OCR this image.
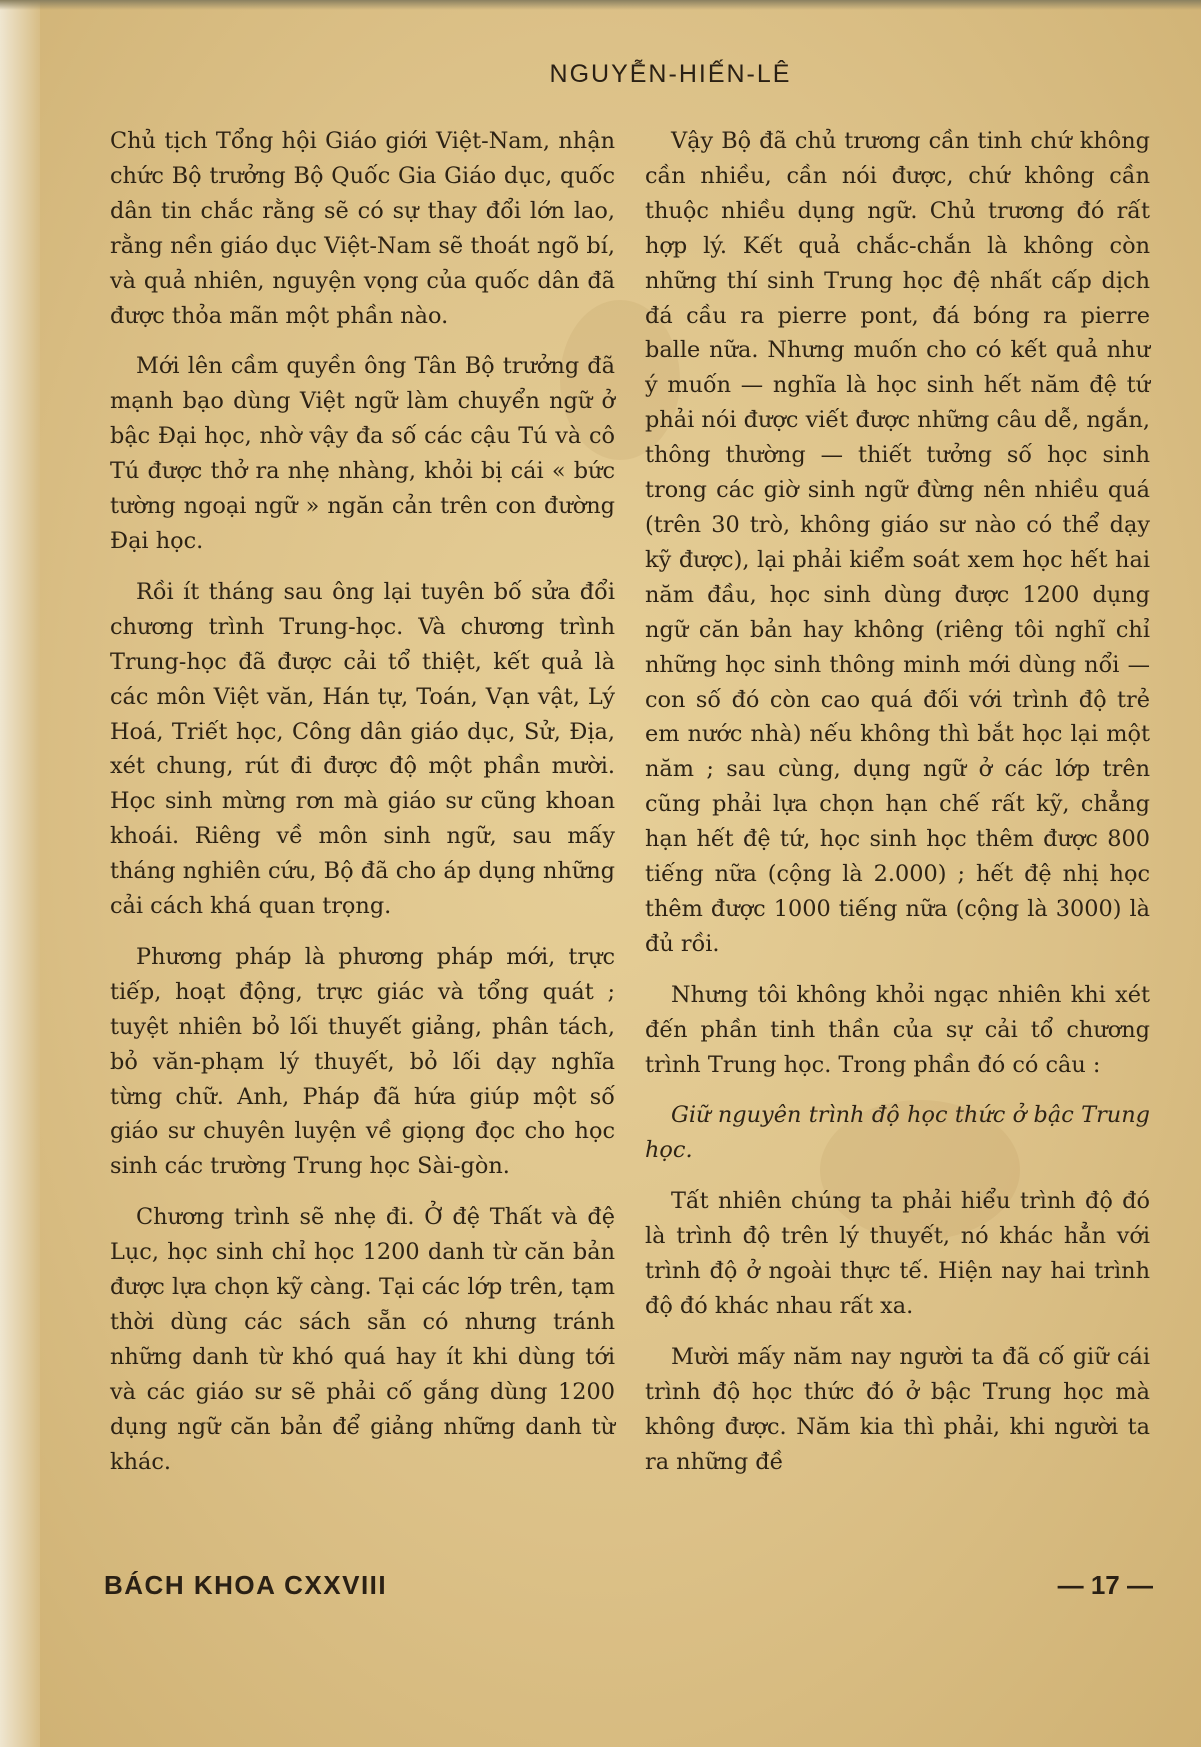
NGUYỄN-HIẾN-LÊ

Chủ tịch Tổng hội Giáo giới Việt-Nam, nhận chức Bộ trưởng Bộ Quốc Gia Giáo dục, quốc dân tin chắc rằng sẽ có sự thay đổi lớn lao, rằng nền giáo dục Việt-Nam sẽ thoát ngõ bí, và quả nhiên, nguyện vọng của quốc dân đã được thỏa mãn một phần nào.

Mới lên cầm quyền ông Tân Bộ trưởng đã mạnh bạo dùng Việt ngữ làm chuyển ngữ ở bậc Đại học, nhờ vậy đa số các cậu Tú và cô Tú được thở ra nhẹ nhàng, khỏi bị cái « bức tường ngoại ngữ » ngăn cản trên con đường Đại học.

Rồi ít tháng sau ông lại tuyên bố sửa đổi chương trình Trung-học. Và chương trình Trung-học đã được cải tổ thiệt, kết quả là các môn Việt văn, Hán tự, Toán, Vạn vật, Lý Hoá, Triết học, Công dân giáo dục, Sử, Địa, xét chung, rút đi được độ một phần mười. Học sinh mừng rơn mà giáo sư cũng khoan khoái. Riêng về môn sinh ngữ, sau mấy tháng nghiên cứu, Bộ đã cho áp dụng những cải cách khá quan trọng.

Phương pháp là phương pháp mới, trực tiếp, hoạt động, trực giác và tổng quát ; tuyệt nhiên bỏ lối thuyết giảng, phân tách, bỏ văn-phạm lý thuyết, bỏ lối dạy nghĩa từng chữ. Anh, Pháp đã hứa giúp một số giáo sư chuyên luyện về giọng đọc cho học sinh các trường Trung học Sài-gòn.

Chương trình sẽ nhẹ đi. Ở đệ Thất và đệ Lục, học sinh chỉ học 1200 danh từ căn bản được lựa chọn kỹ càng. Tại các lớp trên, tạm thời dùng các sách sẵn có nhưng tránh những danh từ khó quá hay ít khi dùng tới và các giáo sư sẽ phải cố gắng dùng 1200 dụng ngữ căn bản để giảng những danh từ khác.

Vậy Bộ đã chủ trương cần tinh chứ không cần nhiều, cần nói được, chứ không cần thuộc nhiều dụng ngữ. Chủ trương đó rất hợp lý. Kết quả chắc-chắn là không còn những thí sinh Trung học đệ nhất cấp dịch đá cầu ra pierre pont, đá bóng ra pierre balle nữa. Nhưng muốn cho có kết quả như ý muốn — nghĩa là học sinh hết năm đệ tứ phải nói được viết được những câu dễ, ngắn, thông thường — thiết tưởng số học sinh trong các giờ sinh ngữ đừng nên nhiều quá (trên 30 trò, không giáo sư nào có thể dạy kỹ được), lại phải kiểm soát xem học hết hai năm đầu, học sinh dùng được 1200 dụng ngữ căn bản hay không (riêng tôi nghĩ chỉ những học sinh thông minh mới dùng nổi — con số đó còn cao quá đối với trình độ trẻ em nước nhà) nếu không thì bắt học lại một năm ; sau cùng, dụng ngữ ở các lớp trên cũng phải lựa chọn hạn chế rất kỹ, chẳng hạn hết đệ tứ, học sinh học thêm được 800 tiếng nữa (cộng là 2.000) ; hết đệ nhị học thêm được 1000 tiếng nữa (cộng là 3000) là đủ rồi.

Nhưng tôi không khỏi ngạc nhiên khi xét đến phần tinh thần của sự cải tổ chương trình Trung học. Trong phần đó có câu :

Giữ nguyên trình độ học thức ở bậc Trung học.

Tất nhiên chúng ta phải hiểu trình độ đó là trình độ trên lý thuyết, nó khác hẳn với trình độ ở ngoài thực tế. Hiện nay hai trình độ đó khác nhau rất xa.

Mười mấy năm nay người ta đã cố giữ cái trình độ học thức đó ở bậc Trung học mà không được. Năm kia thì phải, khi người ta ra những đề

BÁCH KHOA CXXVIII	— 17 —
